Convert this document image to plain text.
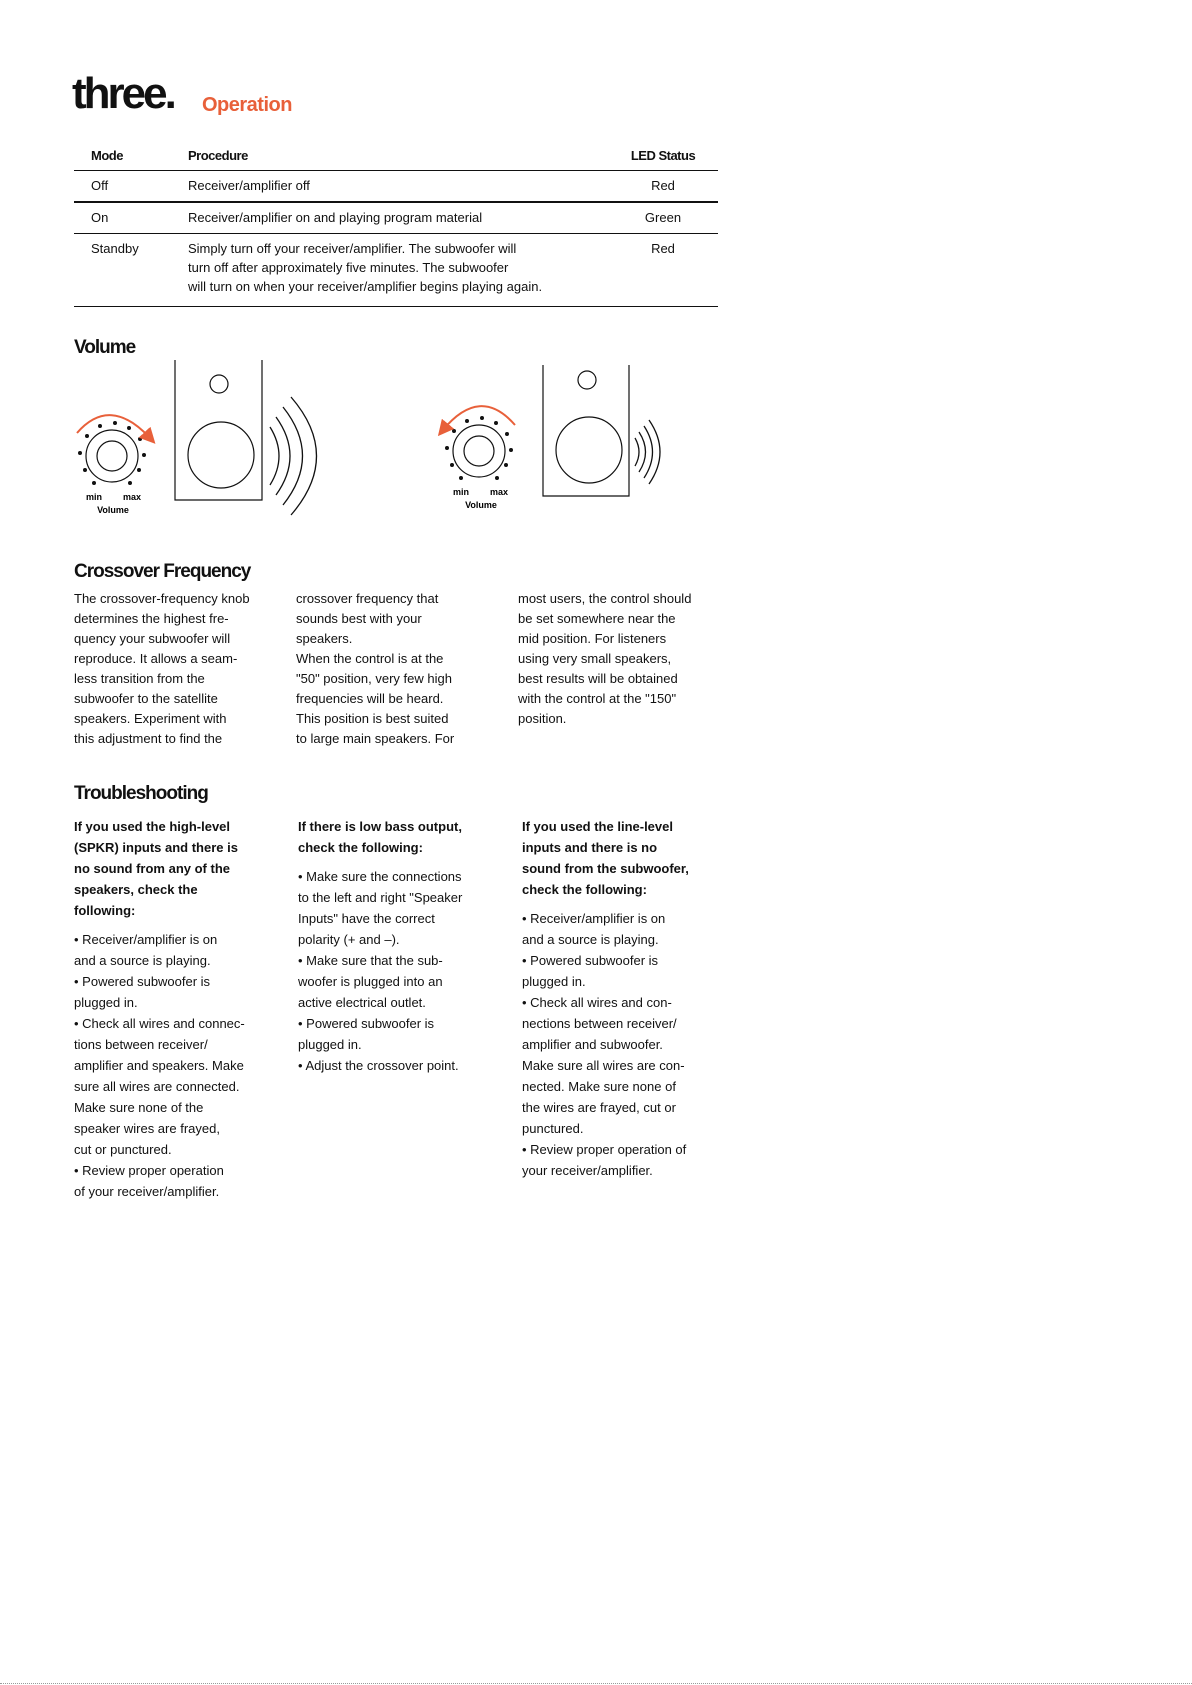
three. Operation
Mode	Procedure	LED Status
Off	Receiver/amplifier off	Red
On	Receiver/amplifier on and playing program material	Green
Standby	Simply turn off your receiver/amplifier. The subwoofer will
turn off after approximately five minutes. The subwoofer
will turn on when your receiver/amplifier begins playing again.	Red
Volume
min max
Volume
min max
Volume
Crossover Frequency
The crossover-frequency knob
determines the highest fre-
quency your subwoofer will
reproduce. It allows a seam-
less transition from the
subwoofer to the satellite
speakers. Experiment with
this adjustment to find the
crossover frequency that
sounds best with your
speakers.
When the control is at the
"50" position, very few high
frequencies will be heard.
This position is best suited
to large main speakers. For
most users, the control should
be set somewhere near the
mid position. For listeners
using very small speakers,
best results will be obtained
with the control at the "150"
position.
Troubleshooting
If you used the high-level
(SPKR) inputs and there is
no sound from any of the
speakers, check the
following:
• Receiver/amplifier is on
and a source is playing.
• Powered subwoofer is
plugged in.
• Check all wires and connec-
tions between receiver/
amplifier and speakers. Make
sure all wires are connected.
Make sure none of the
speaker wires are frayed,
cut or punctured.
• Review proper operation
of your receiver/amplifier.
If there is low bass output,
check the following:
• Make sure the connections
to the left and right "Speaker
Inputs" have the correct
polarity (+ and –).
• Make sure that the sub-
woofer is plugged into an
active electrical outlet.
• Powered subwoofer is
plugged in.
• Adjust the crossover point.
If you used the line-level
inputs and there is no
sound from the subwoofer,
check the following:
• Receiver/amplifier is on
and a source is playing.
• Powered subwoofer is
plugged in.
• Check all wires and con-
nections between receiver/
amplifier and subwoofer.
Make sure all wires are con-
nected. Make sure none of
the wires are frayed, cut or
punctured.
• Review proper operation of
your receiver/amplifier.
